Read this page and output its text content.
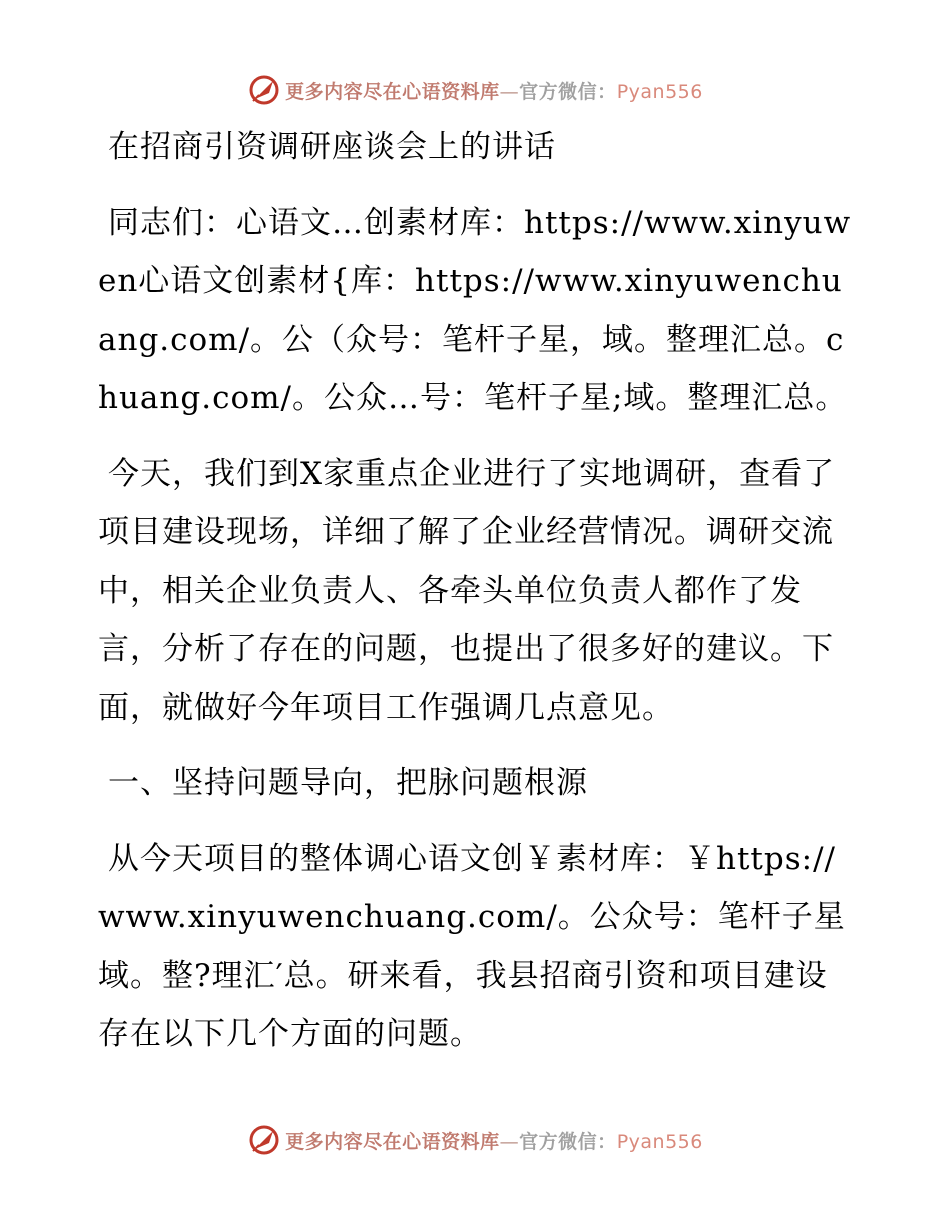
更多内容尽在心语资料库—官方微信：Pyan556

在招商引资调研座谈会上的讲话

同志们：心语文…创素材库：https://www.xinyuwen心语文创素材{库：https://www.xinyuwenchuang.com/。公（众号：笔杆子星，域。整理汇总。chuang.com/。公众…号：笔杆子星;域。整理汇总。

今天，我们到X家重点企业进行了实地调研，查看了项目建设现场，详细了解了企业经营情况。调研交流中，相关企业负责人、各牵头单位负责人都作了发言，分析了存在的问题，也提出了很多好的建议。下面，就做好今年项目工作强调几点意见。

一、坚持问题导向，把脉问题根源

从今天项目的整体调心语文创￥素材库：￥https://www.xinyuwenchuang.com/。公众号：笔杆子星域。整?理汇′总。研来看，我县招商引资和项目建设存在以下几个方面的问题。

更多内容尽在心语资料库—官方微信：Pyan556
